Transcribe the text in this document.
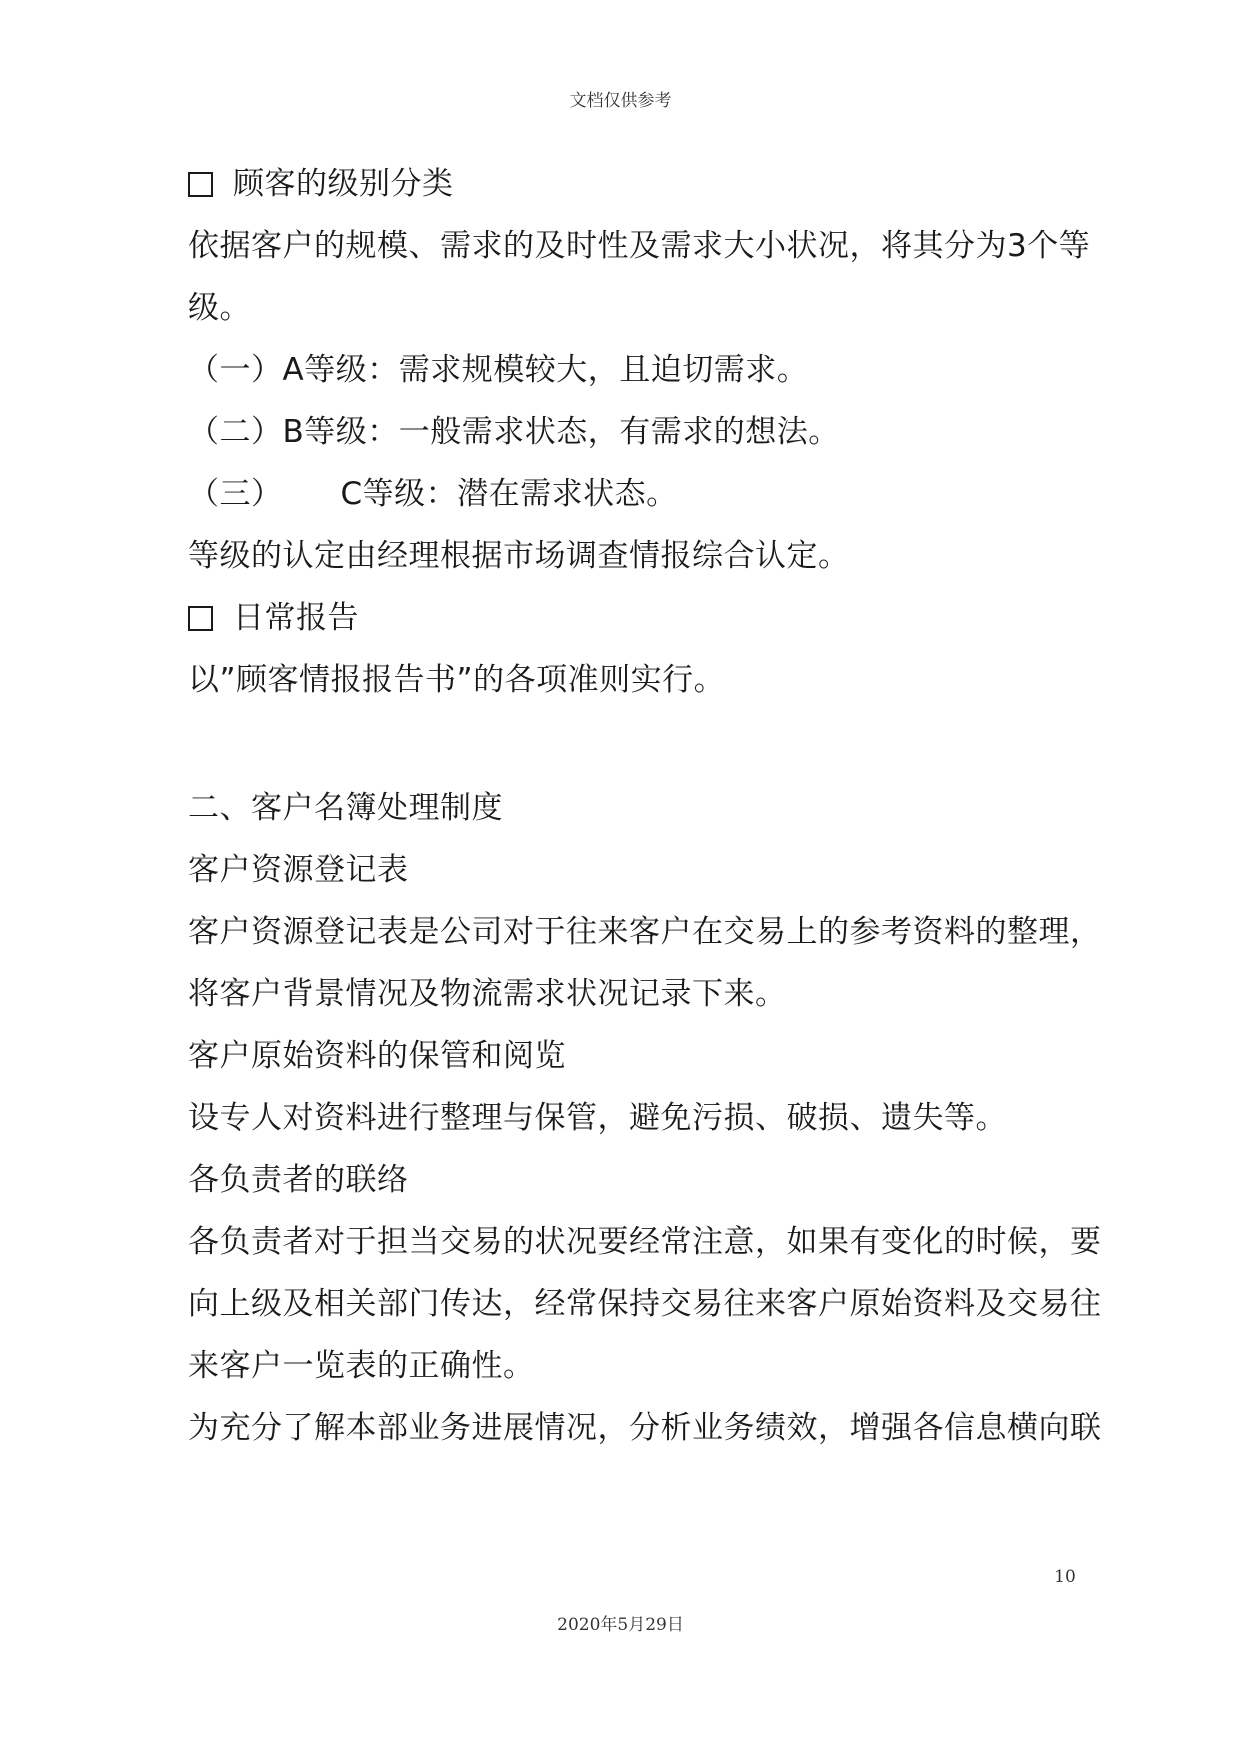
文档仅供参考
顾客的级别分类
依据客户的规模、需求的及时性及需求大小状况，将其分为3个等
级。
（一）A等级：需求规模较大，且迫切需求。
（二）B等级：一般需求状态，有需求的想法。
（三） C等级：潜在需求状态。
等级的认定由经理根据市场调查情报综合认定。
日常报告
以”顾客情报报告书”的各项准则实行。
二、客户名簿处理制度
客户资源登记表
客户资源登记表是公司对于往来客户在交易上的参考资料的整理，
将客户背景情况及物流需求状况记录下来。
客户原始资料的保管和阅览
设专人对资料进行整理与保管，避免污损、破损、遗失等。
各负责者的联络
各负责者对于担当交易的状况要经常注意，如果有变化的时候，要
向上级及相关部门传达，经常保持交易往来客户原始资料及交易往
来客户一览表的正确性。
为充分了解本部业务进展情况，分析业务绩效，增强各信息横向联
10
2020年5月29日
